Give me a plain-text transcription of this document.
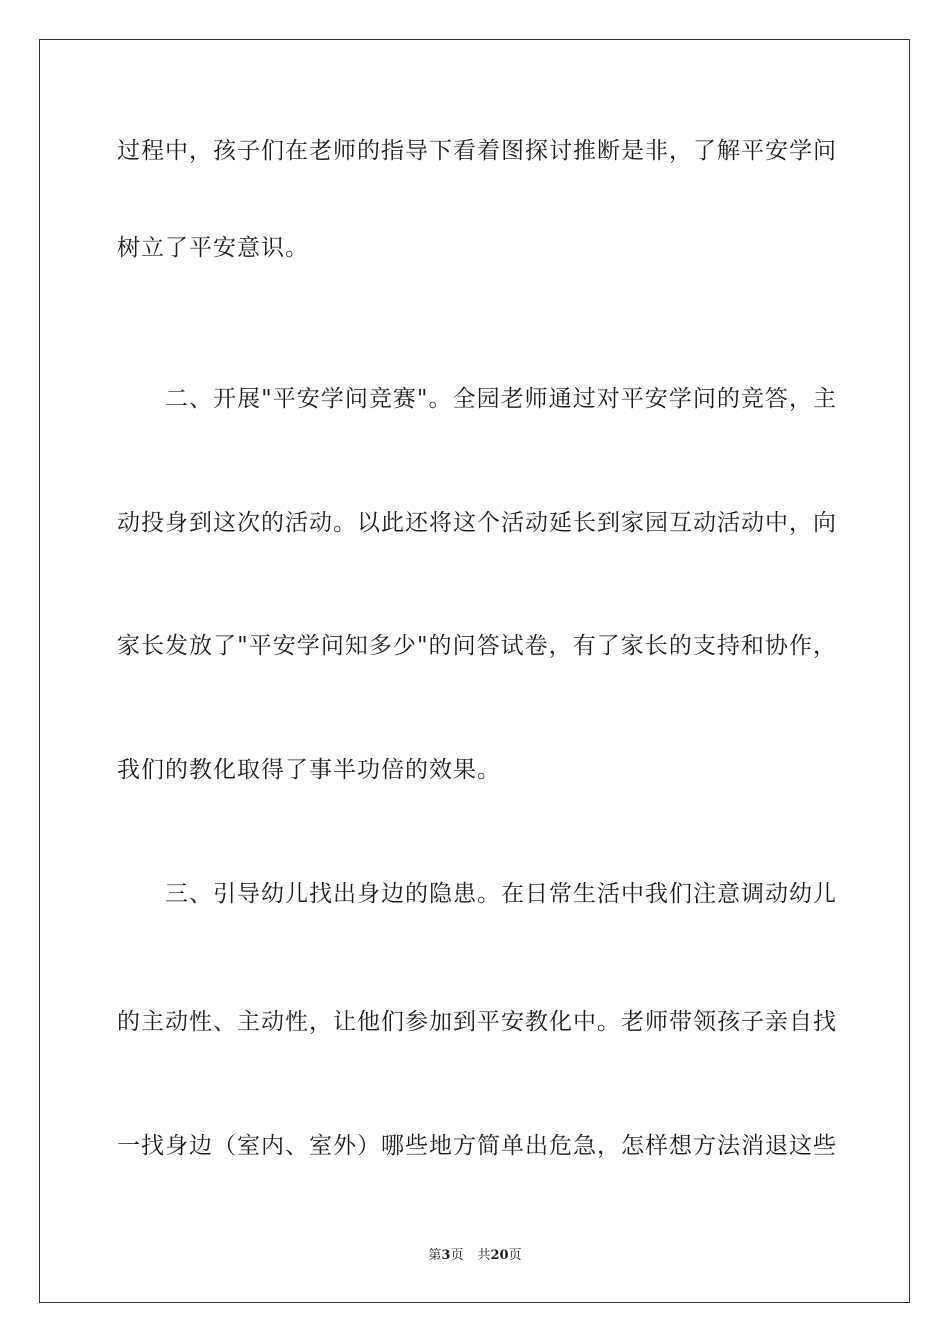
过程中，孩子们在老师的指导下看着图探讨推断是非，了解平安学问
树立了平安意识。
二、开展"平安学问竞赛"。全园老师通过对平安学问的竞答，主
动投身到这次的活动。以此还将这个活动延长到家园互动活动中，向
家长发放了"平安学问知多少"的问答试卷，有了家长的支持和协作，
我们的教化取得了事半功倍的效果。
三、引导幼儿找出身边的隐患。在日常生活中我们注意调动幼儿
的主动性、主动性，让他们参加到平安教化中。老师带领孩子亲自找
一找身边（室内、室外）哪些地方简单出危急，怎样想方法消退这些
第3页 共20页
